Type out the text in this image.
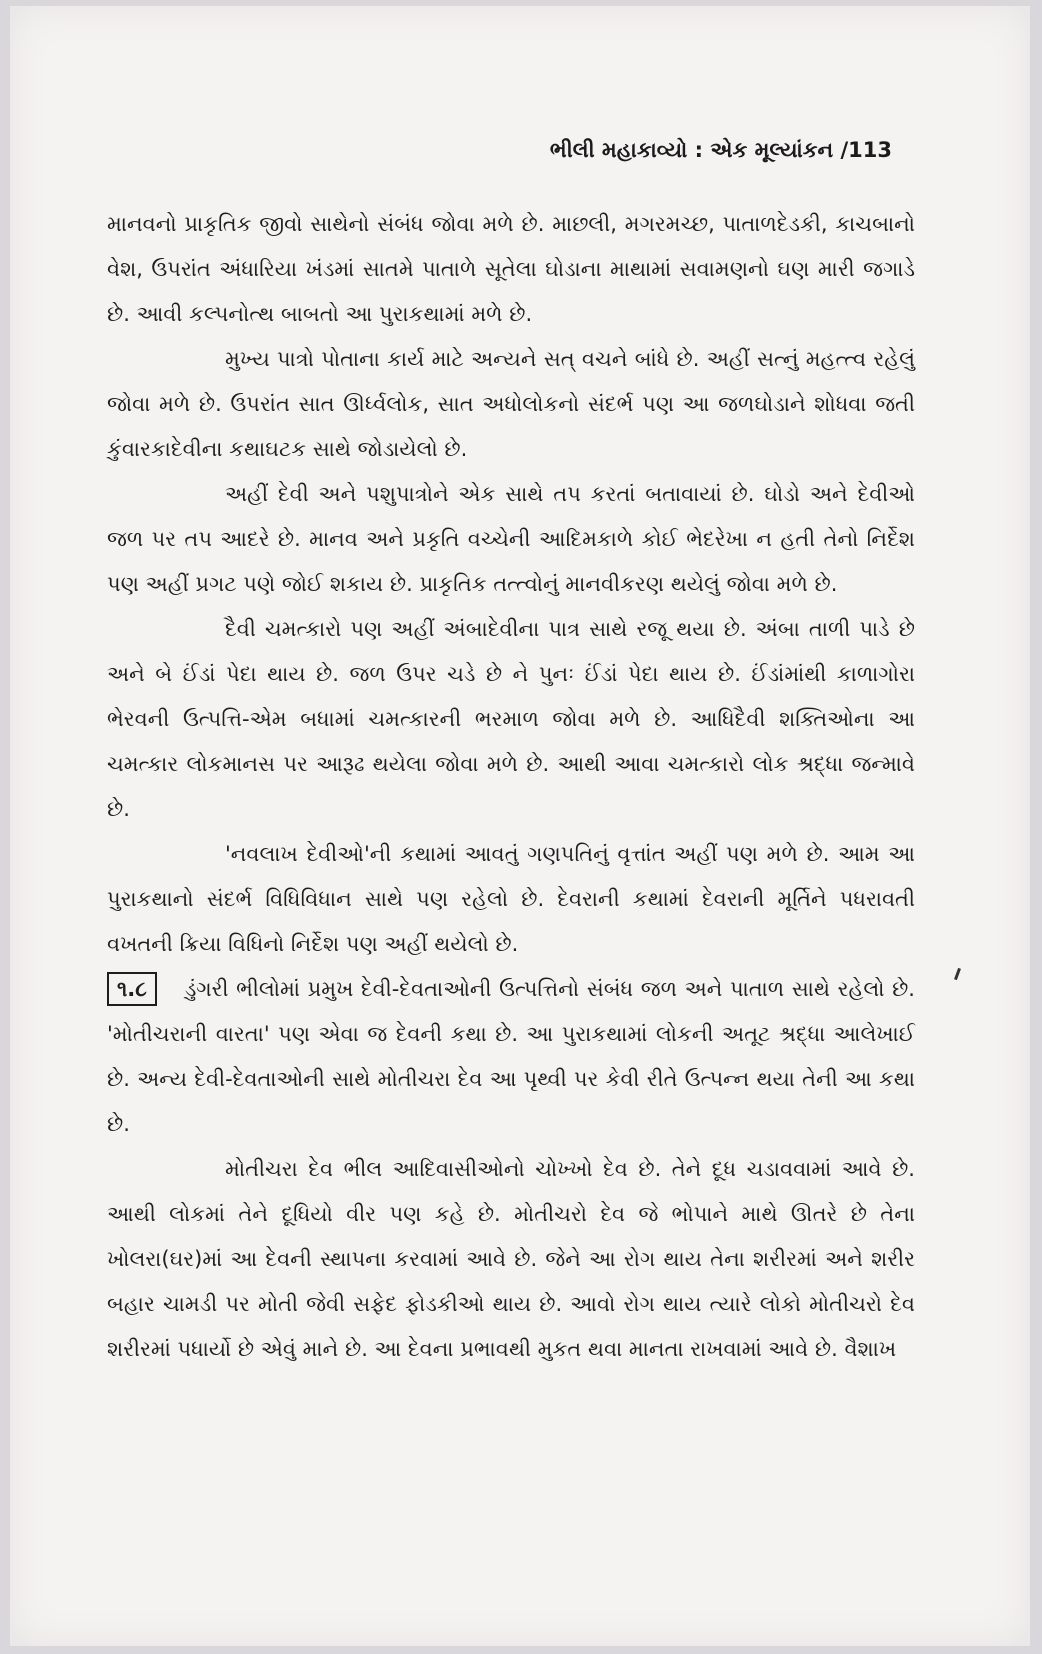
ભીલી મહાકાવ્યો : એક મૂલ્યાંકન /113

માનવનો પ્રાકૃતિક જીવો સાથેનો સંબંધ જોવા મળે છે. માછલી, મગરમચ્છ, પાતાળદેડકી, કાચબાનો વેશ, ઉપરાંત અંધારિયા ખંડમાં સાતમે પાતાળે સૂતેલા ઘોડાના માથામાં સવામણનો ઘણ મારી જગાડે છે. આવી કલ્પનોત્થ બાબતો આ પુરાકથામાં મળે છે.

મુખ્ય પાત્રો પોતાના કાર્ય માટે અન્યને સત્ વચને બાંધે છે. અહીં સત્નું મહત્ત્વ રહેલું જોવા મળે છે. ઉપરાંત સાત ઊર્ધ્વલોક, સાત અધોલોકનો સંદર્ભ પણ આ જળઘોડાને શોધવા જતી કુંવારકાદેવીના કથાઘટક સાથે જોડાયેલો છે.

અહીં દેવી અને પશુપાત્રોને એક સાથે તપ કરતાં બતાવાયાં છે. ઘોડો અને દેવીઓ જળ પર તપ આદરે છે. માનવ અને પ્રકૃતિ વચ્ચેની આદિમકાળે કોઈ ભેદરેખા ન હતી તેનો નિર્દેશ પણ અહીં પ્રગટ પણે જોઈ શકાય છે. પ્રાકૃતિક તત્ત્વોનું માનવીકરણ થયેલું જોવા મળે છે.

દૈવી ચમત્કારો પણ અહીં અંબાદેવીના પાત્ર સાથે રજૂ થયા છે. અંબા તાળી પાડે છે અને બે ઈંડાં પેદા થાય છે. જળ ઉપર ચડે છે ને પુનઃ ઈંડાં પેદા થાય છે. ઈંડાંમાંથી કાળાગોરા ભેરવની ઉત્પત્તિ-એમ બધામાં ચમત્કારની ભરમાળ જોવા મળે છે. આધિદૈવી શક્તિઓના આ ચમત્કાર લોકમાનસ પર આરૂઢ થયેલા જોવા મળે છે. આથી આવા ચમત્કારો લોક શ્રદ્ધા જન્માવે છે.

'નવલાખ દેવીઓ'ની કથામાં આવતું ગણપતિનું વૃત્તાંત અહીં પણ મળે છે. આમ આ પુરાકથાનો સંદર્ભ વિધિવિધાન સાથે પણ રહેલો છે. દેવરાની કથામાં દેવરાની મૂર્તિને પધરાવતી વખતની ક્રિયા વિધિનો નિર્દેશ પણ અહીં થયેલો છે.

૧.૮ ડુંગરી ભીલોમાં પ્રમુખ દેવી-દેવતાઓની ઉત્પત્તિનો સંબંધ જળ અને પાતાળ સાથે રહેલો છે. 'મોતીચરાની વારતા' પણ એવા જ દેવની કથા છે. આ પુરાકથામાં લોકની અતૂટ શ્રદ્ધા આલેખાઈ છે. અન્ય દેવી-દેવતાઓની સાથે મોતીચરા દેવ આ પૃથ્વી પર કેવી રીતે ઉત્પન્ન થયા તેની આ કથા છે.

મોતીચરા દેવ ભીલ આદિવાસીઓનો ચોખ્ખો દેવ છે. તેને દૂધ ચડાવવામાં આવે છે. આથી લોકમાં તેને દૂધિયો વીર પણ કહે છે. મોતીચરો દેવ જે ભોપાને માથે ઊતરે છે તેના ખોલરા(ઘર)માં આ દેવની સ્થાપના કરવામાં આવે છે. જેને આ રોગ થાય તેના શરીરમાં અને શરીર બહાર ચામડી પર મોતી જેવી સફેદ ફોડકીઓ થાય છે. આવો રોગ થાય ત્યારે લોકો મોતીચરો દેવ શરીરમાં પધાર્યો છે એવું માને છે. આ દેવના પ્રભાવથી મુકત થવા માનતા રાખવામાં આવે છે. વૈશાખ
